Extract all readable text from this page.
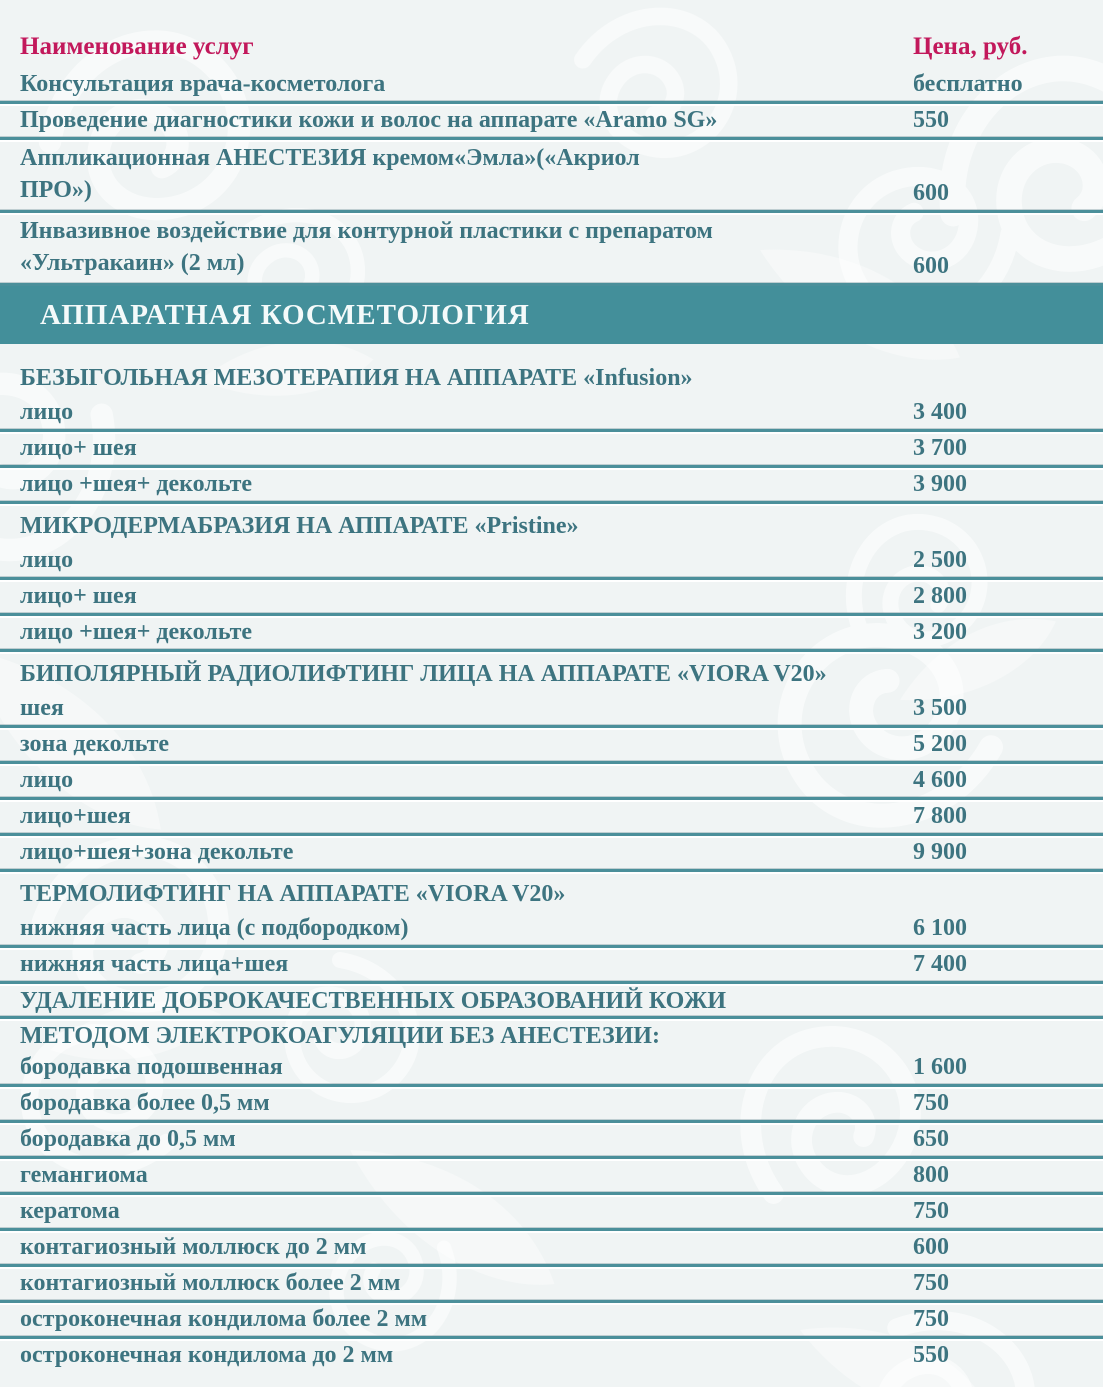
Наименование услуг	Цена, руб.
Консультация врача-косметолога	бесплатно
Проведение диагностики кожи и волос на аппарате «Aramo SG»	550
Аппликационная АНЕСТЕЗИЯ кремом«Эмла»(«Акриол
ПРО»)	600
Инвазивное воздействие для контурной пластики с препаратом
«Ультракаин» (2 мл)	600
АППАРАТНАЯ КОСМЕТОЛОГИЯ
БЕЗЫГОЛЬНАЯ МЕЗОТЕРАПИЯ НА АППАРАТЕ «Infusion»
лицо	3 400
лицо+ шея	3 700
лицо +шея+ декольте	3 900
МИКРОДЕРМАБРАЗИЯ НА АППАРАТЕ «Pristine»
лицо	2 500
лицо+ шея	2 800
лицо +шея+ декольте	3 200
БИПОЛЯРНЫЙ РАДИОЛИФТИНГ ЛИЦА НА АППАРАТЕ «VIORA V20»
шея	3 500
зона декольте	5 200
лицо	4 600
лицо+шея	7 800
лицо+шея+зона декольте	9 900
ТЕРМОЛИФТИНГ НА АППАРАТЕ «VIORA V20»
нижняя часть лица (с подбородком)	6 100
нижняя часть лица+шея	7 400
УДАЛЕНИЕ ДОБРОКАЧЕСТВЕННЫХ ОБРАЗОВАНИЙ КОЖИ
МЕТОДОМ ЭЛЕКТРОКОАГУЛЯЦИИ БЕЗ АНЕСТЕЗИИ:
бородавка подошвенная	1 600
бородавка более 0,5 мм	750
бородавка до 0,5 мм	650
гемангиома	800
кератома	750
контагиозный моллюск до 2 мм	600
контагиозный моллюск более 2 мм	750
остроконечная кондилома более 2 мм	750
остроконечная кондилома до 2 мм	550
